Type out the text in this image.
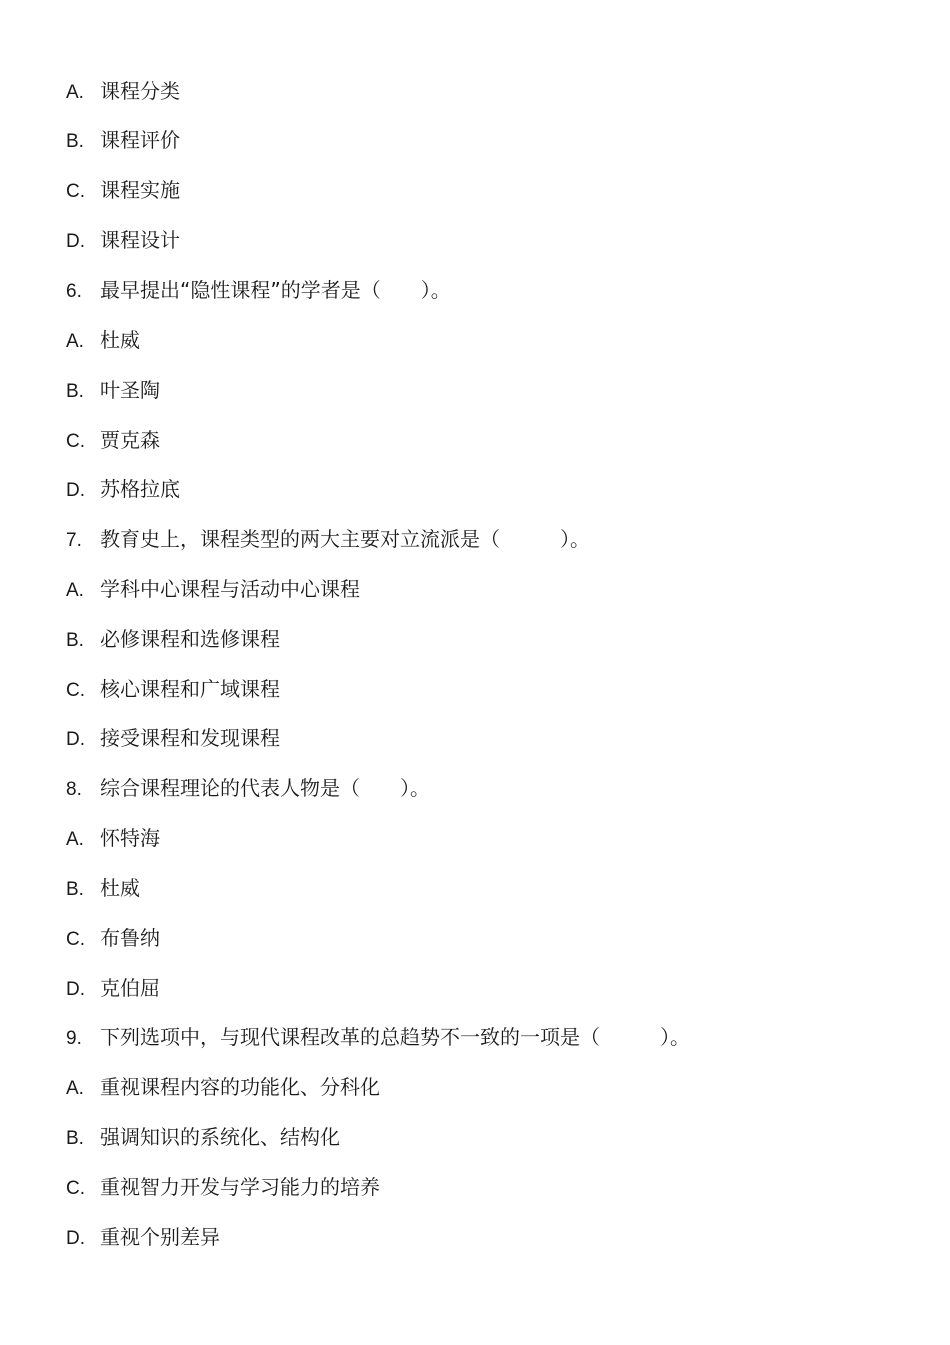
A. 课程分类
B. 课程评价
C. 课程实施
D. 课程设计
6. 最早提出“隐性课程”的学者是（　　）。
A. 杜威
B. 叶圣陶
C. 贾克森
D. 苏格拉底
7. 教育史上，课程类型的两大主要对立流派是（　　　）。
A. 学科中心课程与活动中心课程
B. 必修课程和选修课程
C. 核心课程和广域课程
D. 接受课程和发现课程
8. 综合课程理论的代表人物是（　　）。
A. 怀特海
B. 杜威
C. 布鲁纳
D. 克伯屈
9. 下列选项中，与现代课程改革的总趋势不一致的一项是（　　　）。
A. 重视课程内容的功能化、分科化
B. 强调知识的系统化、结构化
C. 重视智力开发与学习能力的培养
D. 重视个别差异
